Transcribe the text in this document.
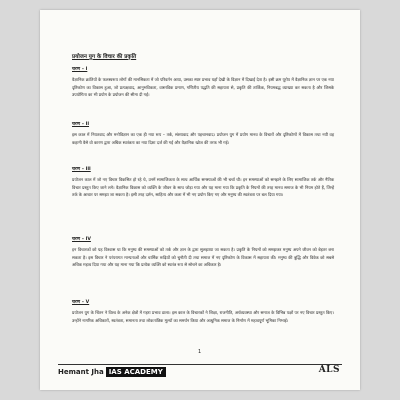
प्रयोजन युग के विचार की प्रकृति
चरण – I

वैज्ञानिक क्रांतियों के फलस्वरूप लोगों की मानसिकता में जो परिवर्तन आया, उसका स्पष्ट प्रभाव यहाँ देखी के विज्ञान में दिखाई देता है। इसी क्रम यूरोप में वैज्ञानिक ज्ञान पर एक नया दृष्टिकोण का विकास हुआ, जो प्रत्यक्षवाद, आनुभविकता, वास्तविक प्रमाण, गणितीय पद्धति की सहायता से, प्रकृति की तार्किक, नियमबद्ध व्याख्या कर सकता है और जिसके उपयोगिता का भी प्रयोग के प्रयोजन की सीमा दी गई।

चरण – II

इस काल में नियतवाद और मनोविज्ञान का एक ही नया रूप – तर्क, संशयवाद और पहचानवाद। प्रयोजन युग में प्रयोग मानव के विचारों और दृष्टिकोणों में विकास तथा नयी वह कहानी वैसे वो कारण द्वारा अधिक स्वतंत्रता का नया दिशा दर्ज की गई और वैज्ञानिक खोज की तरफ भी गई।

चरण – III

प्रयोजन काल में जो नए विचार विकसित हो रहे थे, उनमें सामाजिकता के साथ आर्थिक समस्याओं की भी चर्चा थी। इन समस्याओं को समझने के लिए सामाजिक तर्क और नैतिक विचार प्रस्तुत किए जाने लगे। वैज्ञानिक विकास को व्यक्ति के जीवन के साथ जोड़ा गया और यह माना गया कि प्रकृति के नियमों की तरह मानव समाज के भी नियम होते हैं, जिन्हें तर्क के आधार पर समझा जा सकता है। इसी तरह दर्शन, साहित्य और कला में भी नए प्रयोग किए गए और मनुष्य की स्वतंत्रता पर बल दिया गया।

चरण – IV

इन विचारकों को यह विश्वास था कि मनुष्य की समस्याओं को तर्क और ज्ञान के द्वारा सुलझाया जा सकता है। प्रकृति के नियमों को समझकर मनुष्य अपने जीवन को बेहतर बना सकता है। इस विचार ने परंपरागत मान्यताओं और धार्मिक रूढ़ियों को चुनौती दी तथा समाज में नए दृष्टिकोण के विकास में सहायता की। मनुष्य की बुद्धि और विवेक को सबसे अधिक महत्व दिया गया और यह माना गया कि प्रत्येक व्यक्ति को स्वतंत्र रूप से सोचने का अधिकार है।

चरण – V

प्रयोजन युग के चिंतन ने विश्व के अनेक क्षेत्रों में गहरा प्रभाव डाला। इस काल के विचारकों ने शिक्षा, राजनीति, अर्थव्यवस्था और समाज के विभिन्न पक्षों पर नए विचार प्रस्तुत किए। उन्होंने नागरिक अधिकारों, स्वतंत्रता, समानता तथा लोकतांत्रिक मूल्यों का समर्थन किया और आधुनिक समाज के निर्माण में महत्वपूर्ण भूमिका निभाई।

1
Hemant Jha IAS ACADEMY	ALS
